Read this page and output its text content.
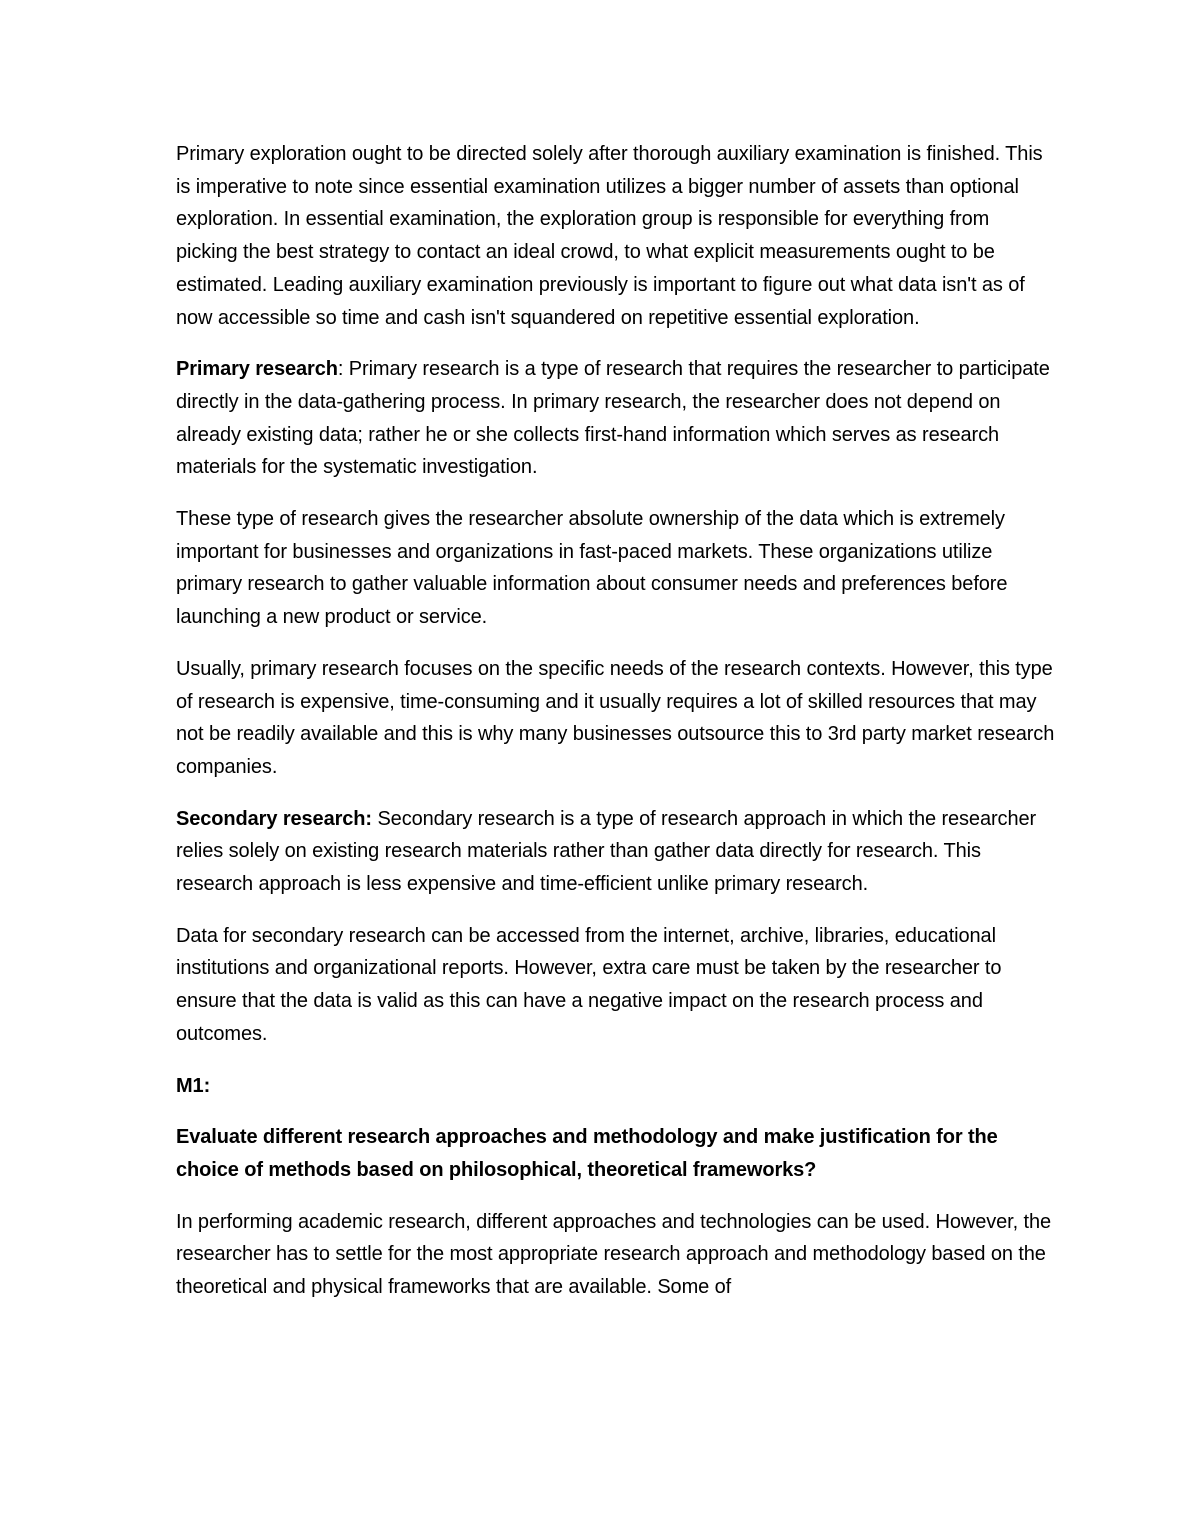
Primary exploration ought to be directed solely after thorough auxiliary examination is finished. This is imperative to note since essential examination utilizes a bigger number of assets than optional exploration. In essential examination, the exploration group is responsible for everything from picking the best strategy to contact an ideal crowd, to what explicit measurements ought to be estimated. Leading auxiliary examination previously is important to figure out what data isn't as of now accessible so time and cash isn't squandered on repetitive essential exploration.

Primary research: Primary research is a type of research that requires the researcher to participate directly in the data-gathering process. In primary research, the researcher does not depend on already existing data; rather he or she collects first-hand information which serves as research materials for the systematic investigation.

These type of research gives the researcher absolute ownership of the data which is extremely important for businesses and organizations in fast-paced markets. These organizations utilize primary research to gather valuable information about consumer needs and preferences before launching a new product or service.

Usually, primary research focuses on the specific needs of the research contexts. However, this type of research is expensive, time-consuming and it usually requires a lot of skilled resources that may not be readily available and this is why many businesses outsource this to 3rd party market research companies.

Secondary research: Secondary research is a type of research approach in which the researcher relies solely on existing research materials rather than gather data directly for research. This research approach is less expensive and time-efficient unlike primary research.

Data for secondary research can be accessed from the internet, archive, libraries, educational institutions and organizational reports. However, extra care must be taken by the researcher to ensure that the data is valid as this can have a negative impact on the research process and outcomes.

M1:

Evaluate different research approaches and methodology and make justification for the choice of methods based on philosophical, theoretical frameworks?

In performing academic research, different approaches and technologies can be used. However, the researcher has to settle for the most appropriate research approach and methodology based on the theoretical and physical frameworks that are available. Some of
